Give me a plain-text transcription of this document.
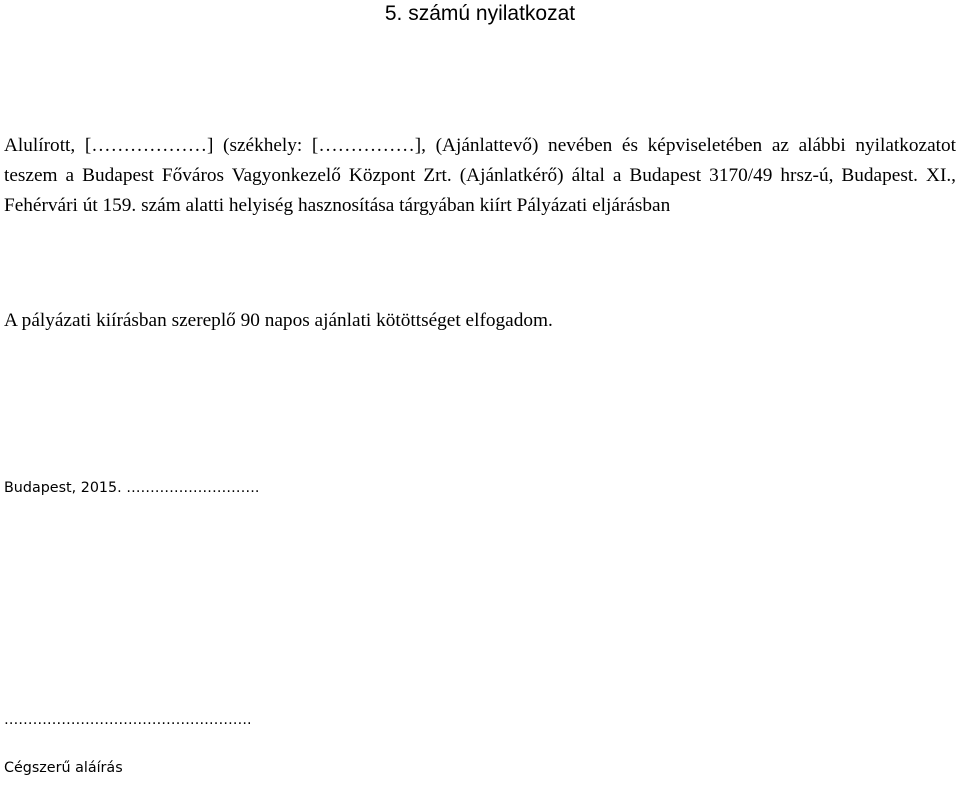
5. számú nyilatkozat

Alulírott, [………………] (székhely: [……………], (Ajánlattevő) nevében és képviseletében az alábbi nyilatkozatot teszem a Budapest Főváros Vagyonkezelő Központ Zrt. (Ajánlatkérő) által a Budapest 3170/49 hrsz-ú, Budapest. XI., Fehérvári út 159. szám alatti helyiség hasznosítása tárgyában kiírt Pályázati eljárásban

A pályázati kiírásban szereplő 90 napos ajánlati kötöttséget elfogadom.

Budapest, 2015. ……………………….
…………………………………………….
Cégszerű aláírás
